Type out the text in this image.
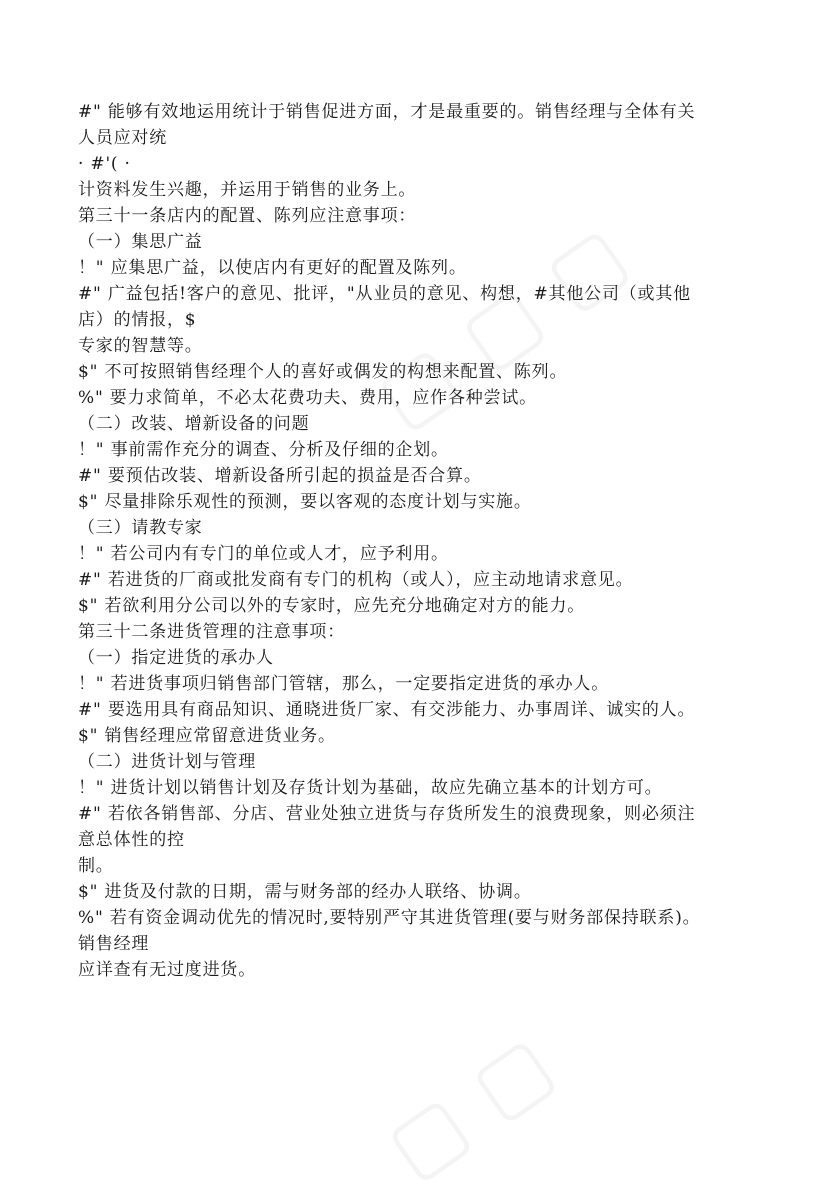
#" 能够有效地运用统计于销售促进方面，才是最重要的。销售经理与全体有关
人员应对统
· #'( ·
计资料发生兴趣，并运用于销售的业务上。
第三十一条店内的配置、陈列应注意事项：
（一）集思广益
！" 应集思广益，以使店内有更好的配置及陈列。
#" 广益包括!客户的意见、批评，"从业员的意见、构想，#其他公司（或其他
店）的情报，$
专家的智慧等。
$" 不可按照销售经理个人的喜好或偶发的构想来配置、陈列。
%" 要力求简单，不必太花费功夫、费用，应作各种尝试。
（二）改装、增新设备的问题
！" 事前需作充分的调查、分析及仔细的企划。
#" 要预估改装、增新设备所引起的损益是否合算。
$" 尽量排除乐观性的预测，要以客观的态度计划与实施。
（三）请教专家
！" 若公司内有专门的单位或人才，应予利用。
#" 若进货的厂商或批发商有专门的机构（或人），应主动地请求意见。
$" 若欲利用分公司以外的专家时，应先充分地确定对方的能力。
第三十二条进货管理的注意事项：
（一）指定进货的承办人
！" 若进货事项归销售部门管辖，那么，一定要指定进货的承办人。
#" 要选用具有商品知识、通晓进货厂家、有交涉能力、办事周详、诚实的人。
$" 销售经理应常留意进货业务。
（二）进货计划与管理
！" 进货计划以销售计划及存货计划为基础，故应先确立基本的计划方可。
#" 若依各销售部、分店、营业处独立进货与存货所发生的浪费现象，则必须注
意总体性的控
制。
$" 进货及付款的日期，需与财务部的经办人联络、协调。
%" 若有资金调动优先的情况时,要特别严守其进货管理(要与财务部保持联系)。
销售经理
应详查有无过度进货。
